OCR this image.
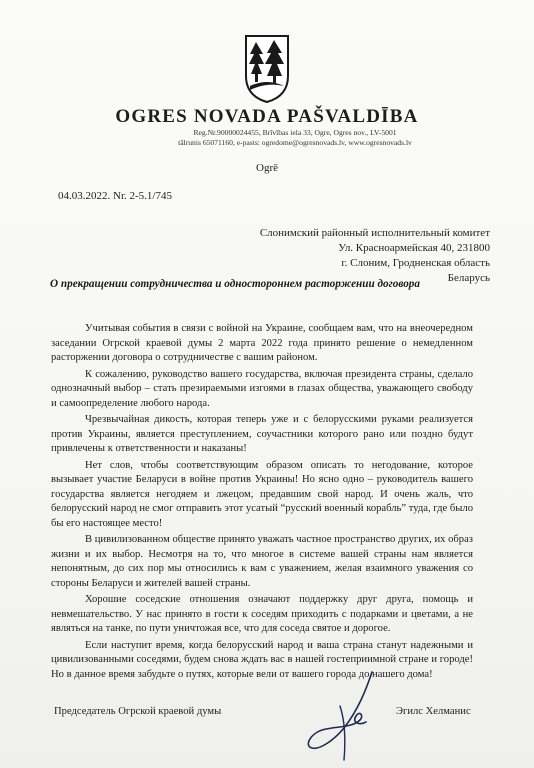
OGRES NOVADA PAŠVALDĪBA
Reg.Nr.90000024455, Brīvības iela 33, Ogre, Ogres nov., LV-5001
tālrunis 65071160, e-pasts: ogredome@ogresnovads.lv, www.ogresnovads.lv
Ogrē
04.03.2022. Nr. 2-5.1/745
Слонимский районный исполнительный комитет
Ул. Красноармейская 40, 231800
г. Слоним, Гродненская область
Беларусь
О прекращении сотрудничества и одностороннем расторжении договора

Учитывая события в связи с войной на Украине, сообщаем вам, что на внеочередном заседании Огрской краевой думы 2 марта 2022 года принято решение о немедленном расторжении договора о сотрудничестве с вашим районом.

К сожалению, руководство вашего государства, включая президента страны, сделало однозначный выбор – стать презираемыми изгоями в глазах общества, уважающего свободу и самоопределение любого народа.

Чрезвычайная дикость, которая теперь уже и с белорусскими руками реализуется против Украины, является преступлением, соучастники которого рано или поздно будут привлечены к ответственности и наказаны!

Нет слов, чтобы соответствующим образом описать то негодование, которое вызывает участие Беларуси в войне против Украины! Но ясно одно – руководитель вашего государства является негодяем и лжецом, предавшим свой народ. И очень жаль, что белорусский народ не смог отправить этот усатый “русский военный корабль” туда, где было бы его настоящее место!

В цивилизованном обществе принято уважать частное пространство других, их образ жизни и их выбор. Несмотря на то, что многое в системе вашей страны нам является непонятным, до сих пор мы относились к вам с уважением, желая взаимного уважения со стороны Беларуси и жителей вашей страны.

Хорошие соседские отношения означают поддержку друг друга, помощь и невмешательство. У нас принято в гости к соседям приходить с подарками и цветами, а не являться на танке, по пути уничтожая все, что для соседа святое и дорогое.

Если наступит время, когда белорусский народ и ваша страна станут надежными и цивилизованными соседями, будем снова ждать вас в нашей гостеприимной стране и городе! Но в данное время забудьте о путях, которые вели от вашего города до нашего дома!

Председатель Огрской краевой думы	Эгилс Хелманис
